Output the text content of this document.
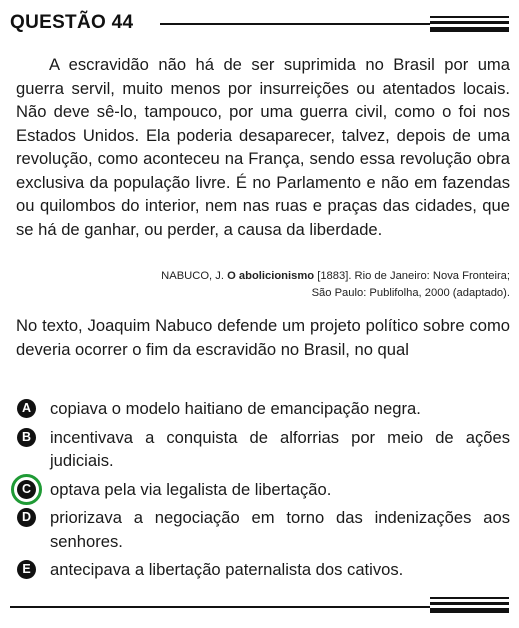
QUESTÃO 44

A escravidão não há de ser suprimida no Brasil por uma guerra servil, muito menos por insurreições ou atentados locais. Não deve sê-lo, tampouco, por uma guerra civil, como o foi nos Estados Unidos. Ela poderia desaparecer, talvez, depois de uma revolução, como aconteceu na França, sendo essa revolução obra exclusiva da população livre. É no Parlamento e não em fazendas ou quilombos do interior, nem nas ruas e praças das cidades, que se há de ganhar, ou perder, a causa da liberdade.

NABUCO, J. O abolicionismo [1883]. Rio de Janeiro: Nova Fronteira;
São Paulo: Publifolha, 2000 (adaptado).

No texto, Joaquim Nabuco defende um projeto político sobre como deveria ocorrer o fim da escravidão no Brasil, no qual

A	copiava o modelo haitiano de emancipação negra.
B	incentivava a conquista de alforrias por meio de ações judiciais.
C	optava pela via legalista de libertação.
D	priorizava a negociação em torno das indenizações aos senhores.
E	antecipava a libertação paternalista dos cativos.
